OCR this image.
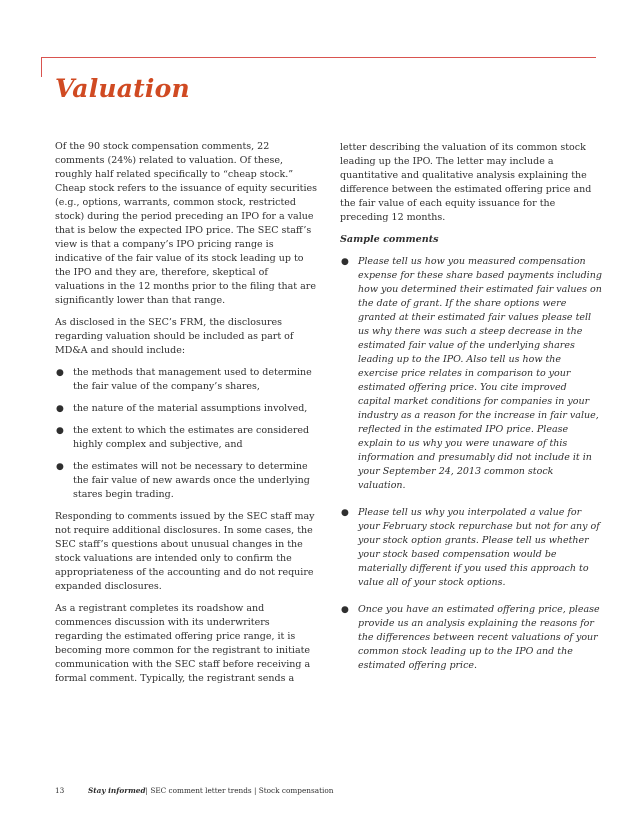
Valuation

Of the 90 stock compensation comments, 22 comments (24%) related to valuation. Of these, roughly half related specifically to “cheap stock.” Cheap stock refers to the issuance of equity securities (e.g., options, warrants, common stock, restricted stock) during the period preceding an IPO for a value that is below the expected IPO price. The SEC staff’s view is that a company’s IPO pricing range is indicative of the fair value of its stock leading up to the IPO and they are, therefore, skeptical of valuations in the 12 months prior to the filing that are significantly lower than that range.

As disclosed in the SEC’s FRM, the disclosures regarding valuation should be included as part of MD&A and should include:

● the methods that management used to determine the fair value of the company’s shares,
● the nature of the material assumptions involved,
● the extent to which the estimates are considered highly complex and subjective, and
● the estimates will not be necessary to determine the fair value of new awards once the underlying stares begin trading.

Responding to comments issued by the SEC staff may not require additional disclosures. In some cases, the SEC staff’s questions about unusual changes in the stock valuations are intended only to confirm the appropriateness of the accounting and do not require expanded disclosures.

As a registrant completes its roadshow and commences discussion with its underwriters regarding the estimated offering price range, it is becoming more common for the registrant to initiate communication with the SEC staff before receiving a formal comment. Typically, the registrant sends a

letter describing the valuation of its common stock leading up the IPO. The letter may include a quantitative and qualitative analysis explaining the difference between the estimated offering price and the fair value of each equity issuance for the preceding 12 months.

Sample comments
● Please tell us how you measured compensation expense for these share based payments including how you determined their estimated fair values on the date of grant. If the share options were granted at their estimated fair values please tell us why there was such a steep decrease in the estimated fair value of the underlying shares leading up to the IPO. Also tell us how the exercise price relates in comparison to your estimated offering price. You cite improved capital market conditions for companies in your industry as a reason for the increase in fair value, reflected in the estimated IPO price. Please explain to us why you were unaware of this information and presumably did not include it in your September 24, 2013 common stock valuation.
● Please tell us why you interpolated a value for your February stock repurchase but not for any of your stock option grants. Please tell us whether your stock based compensation would be materially different if you used this approach to value all of your stock options.
● Once you have an estimated offering price, please provide us an analysis explaining the reasons for the differences between recent valuations of your common stock leading up to the IPO and the estimated offering price.
13	Stay informed| SEC comment letter trends | Stock compensation
